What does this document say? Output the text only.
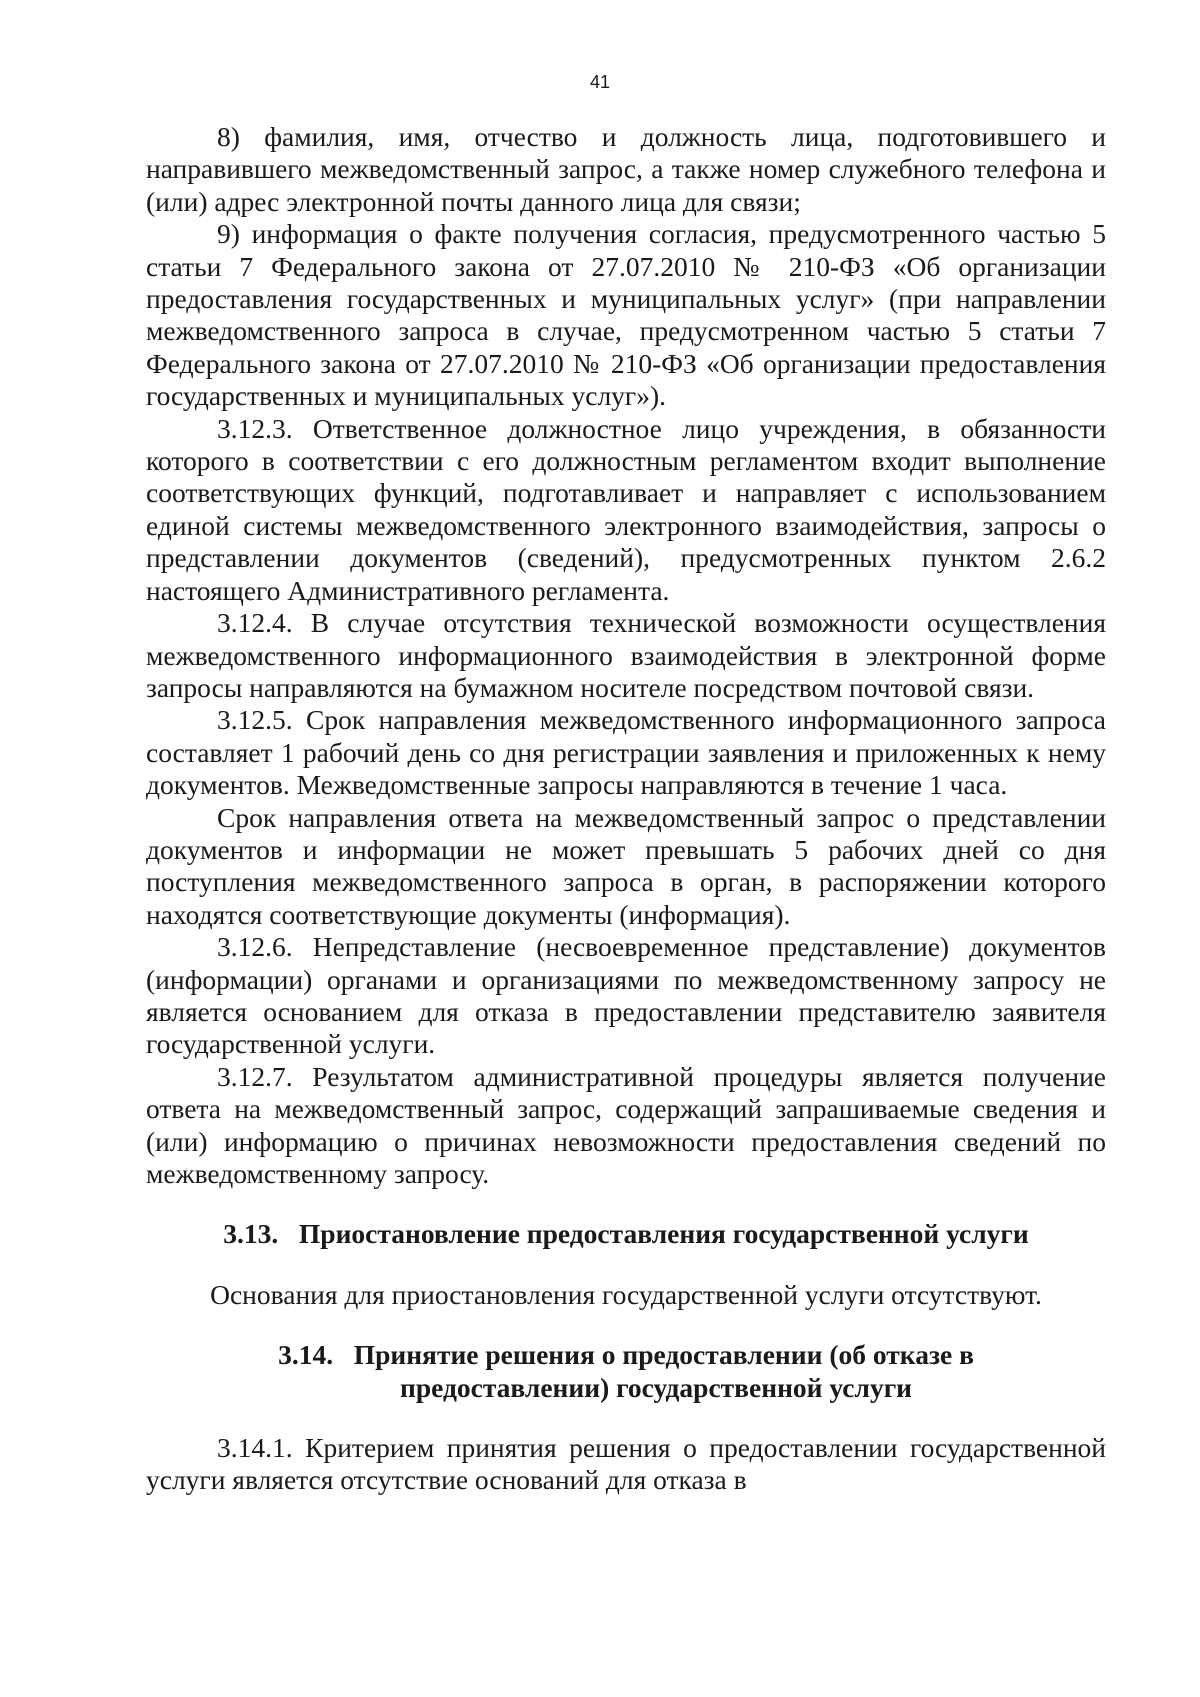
41

8) фамилия, имя, отчество и должность лица, подготовившего и направившего межведомственный запрос, а также номер служебного телефона и (или) адрес электронной почты данного лица для связи;

9) информация о факте получения согласия, предусмотренного частью 5 статьи 7 Федерального закона от 27.07.2010 № 210-ФЗ «Об организации предоставления государственных и муниципальных услуг» (при направлении межведомственного запроса в случае, предусмотренном частью 5 статьи 7 Федерального закона от 27.07.2010 № 210-ФЗ «Об организации предоставления государственных и муниципальных услуг»).

3.12.3. Ответственное должностное лицо учреждения, в обязанности которого в соответствии с его должностным регламентом входит выполнение соответствующих функций, подготавливает и направляет с использованием единой системы межведомственного электронного взаимодействия, запросы о представлении документов (сведений), предусмотренных пунктом 2.6.2 настоящего Административного регламента.

3.12.4. В случае отсутствия технической возможности осуществления межведомственного информационного взаимодействия в электронной форме запросы направляются на бумажном носителе посредством почтовой связи.

3.12.5. Срок направления межведомственного информационного запроса составляет 1 рабочий день со дня регистрации заявления и приложенных к нему документов. Межведомственные запросы направляются в течение 1 часа.

Срок направления ответа на межведомственный запрос о представлении документов и информации не может превышать 5 рабочих дней со дня поступления межведомственного запроса в орган, в распоряжении которого находятся соответствующие документы (информация).

3.12.6. Непредставление (несвоевременное представление) документов (информации) органами и организациями по межведомственному запросу не является основанием для отказа в предоставлении представителю заявителя государственной услуги.

3.12.7. Результатом административной процедуры является получение ответа на межведомственный запрос, содержащий запрашиваемые сведения и (или) информацию о причинах невозможности предоставления сведений по межведомственному запросу.

3.13.   Приостановление предоставления государственной услуги

Основания для приостановления государственной услуги отсутствуют.

3.14.   Принятие решения о предоставлении (об отказе в
предоставлении) государственной услуги

3.14.1. Критерием принятия решения о предоставлении государственной услуги является отсутствие оснований для отказа в
